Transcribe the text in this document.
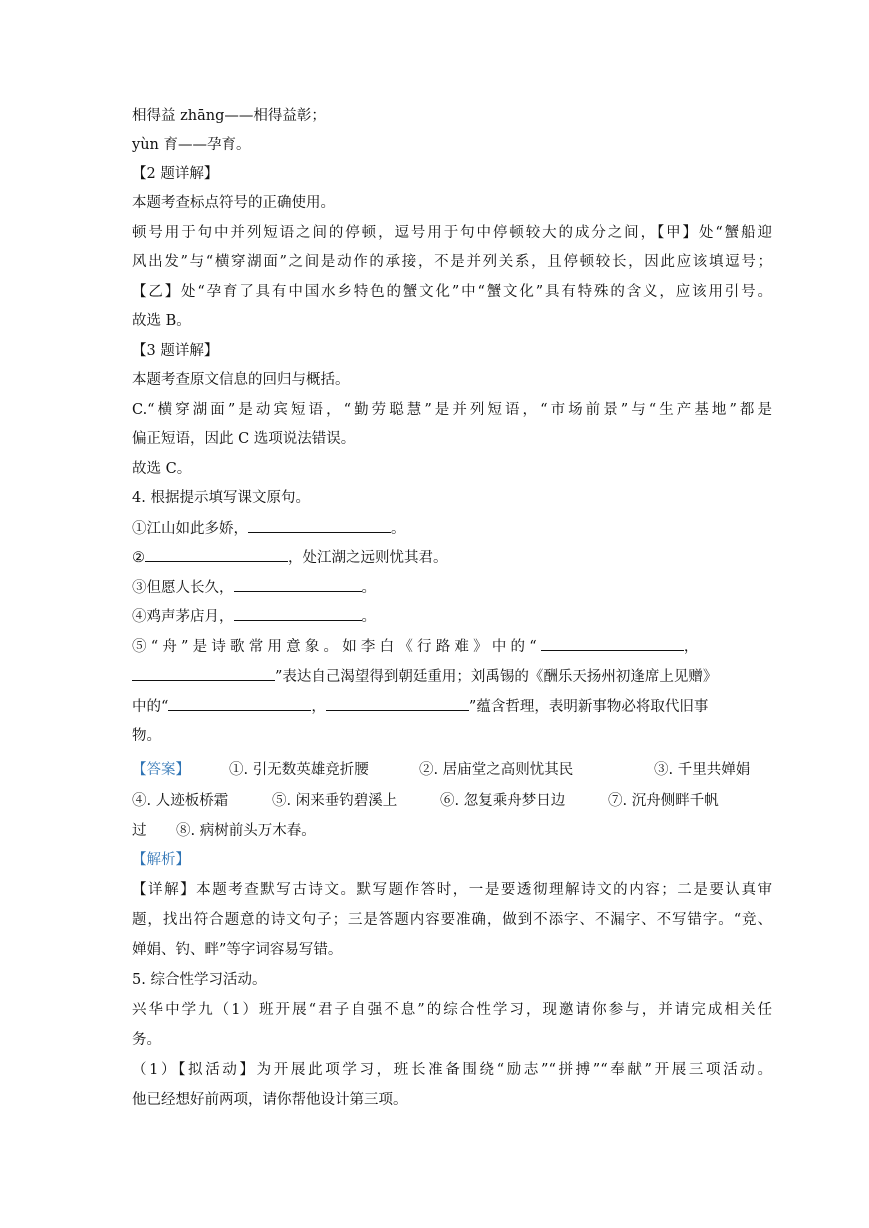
相得益 zhāng——相得益彰；
yùn 育——孕育。
【2 题详解】
本题考查标点符号的正确使用。
顿号用于句中并列短语之间的停顿，逗号用于句中停顿较大的成分之间，【甲】处“蟹船迎
风出发”与“横穿湖面”之间是动作的承接，不是并列关系，且停顿较长，因此应该填逗号；
【乙】处“孕育了具有中国水乡特色的蟹文化”中“蟹文化”具有特殊的含义，应该用引号。
故选 B。
【3 题详解】
本题考查原文信息的回归与概括。
C.“横穿湖面”是动宾短语，“勤劳聪慧”是并列短语，“市场前景”与“生产基地”都是
偏正短语，因此 C 选项说法错误。
故选 C。
4. 根据提示填写课文原句。
①江山如此多娇，	。
②	，处江湖之远则忧其君。
③但愿人长久，	。
④鸡声茅店月，	。
⑤“舟”是诗歌常用意象。如李白《行路难》中的“	，
”表达自己渴望得到朝廷重用；刘禹锡的《酬乐天扬州初逢席上见赠》
中的“	，	”蕴含哲理，表明新事物必将取代旧事
物。
【答案】	①. 引无数英雄竞折腰	②. 居庙堂之高则忧其民	③. 千里共婵娟
④. 人迹板桥霜	⑤. 闲来垂钓碧溪上	⑥. 忽复乘舟梦日边	⑦. 沉舟侧畔千帆
过 ⑧. 病树前头万木春。
【解析】
【详解】本题考查默写古诗文。默写题作答时，一是要透彻理解诗文的内容；二是要认真审
题，找出符合题意的诗文句子；三是答题内容要准确，做到不添字、不漏字、不写错字。“竞、
婵娟、钓、畔”等字词容易写错。
5. 综合性学习活动。
兴华中学九（1）班开展“君子自强不息”的综合性学习，现邀请你参与，并请完成相关任
务。
（1）【拟活动】为开展此项学习，班长准备围绕“励志”“拼搏”“奉献”开展三项活动。
他已经想好前两项，请你帮他设计第三项。
